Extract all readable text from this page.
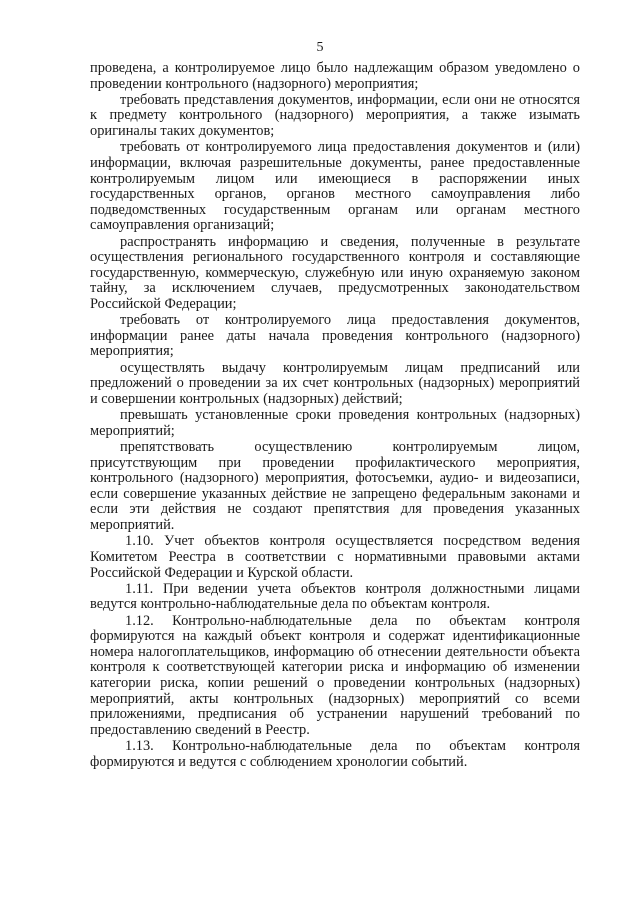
5

проведена, а контролируемое лицо было надлежащим образом уведомлено о проведении контрольного (надзорного) мероприятия;

требовать представления документов, информации, если они не относятся к предмету контрольного (надзорного) мероприятия, а также изымать оригиналы таких документов;

требовать от контролируемого лица предоставления документов и (или) информации, включая разрешительные документы, ранее предоставленные контролируемым лицом или имеющиеся в распоряжении иных государственных органов, органов местного самоуправления либо подведомственных государственным органам или органам местного самоуправления организаций;

распространять информацию и сведения, полученные в результате осуществления регионального государственного контроля и составляющие государственную, коммерческую, служебную или иную охраняемую законом тайну, за исключением случаев, предусмотренных законодательством Российской Федерации;

требовать от контролируемого лица предоставления документов, информации ранее даты начала проведения контрольного (надзорного) мероприятия;

осуществлять выдачу контролируемым лицам предписаний или предложений о проведении за их счет контрольных (надзорных) мероприятий и совершении контрольных (надзорных) действий;

превышать установленные сроки проведения контрольных (надзорных) мероприятий;

препятствовать осуществлению контролируемым лицом, присутствующим при проведении профилактического мероприятия, контрольного (надзорного) мероприятия, фотосъемки, аудио- и видеозаписи, если совершение указанных действие не запрещено федеральным законами и если эти действия не создают препятствия для проведения указанных мероприятий.

1.10. Учет объектов контроля осуществляется посредством ведения Комитетом Реестра в соответствии с нормативными правовыми актами Российской Федерации и Курской области.

1.11. При ведении учета объектов контроля должностными лицами ведутся контрольно-наблюдательные дела по объектам контроля.

1.12. Контрольно-наблюдательные дела по объектам контроля формируются на каждый объект контроля и содержат идентификационные номера налогоплательщиков, информацию об отнесении деятельности объекта контроля к соответствующей категории риска и информацию об изменении категории риска, копии решений о проведении контрольных (надзорных) мероприятий, акты контрольных (надзорных) мероприятий со всеми приложениями, предписания об устранении нарушений требований по предоставлению сведений в Реестр.

1.13. Контрольно-наблюдательные дела по объектам контроля формируются и ведутся с соблюдением хронологии событий.
